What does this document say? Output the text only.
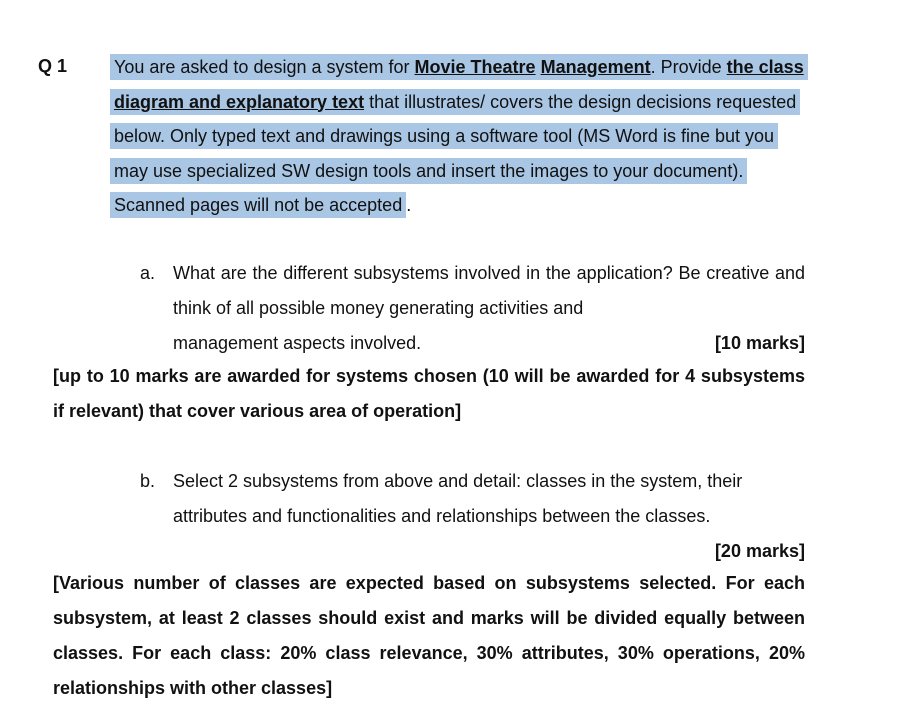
Q 1	You are asked to design a system for Movie Theatre Management. Provide the class diagram and explanatory text that illustrates/ covers the design decisions requested below. Only typed text and drawings using a software tool (MS Word is fine but you may use specialized SW design tools and insert the images to your document). Scanned pages will not be accepted .
a. What are the different subsystems involved in the application? Be creative and think of all possible money generating activities and
management aspects involved.	[10 marks]
[up to 10 marks are awarded for systems chosen (10 will be awarded for 4 subsystems if relevant) that cover various area of operation]
b. Select 2 subsystems from above and detail: classes in the system, their attributes and functionalities and relationships between the classes.
[20 marks]
[Various number of classes are expected based on subsystems selected. For each subsystem, at least 2 classes should exist and marks will be divided equally between classes. For each class: 20% class relevance, 30% attributes, 30% operations, 20% relationships with other classes]
